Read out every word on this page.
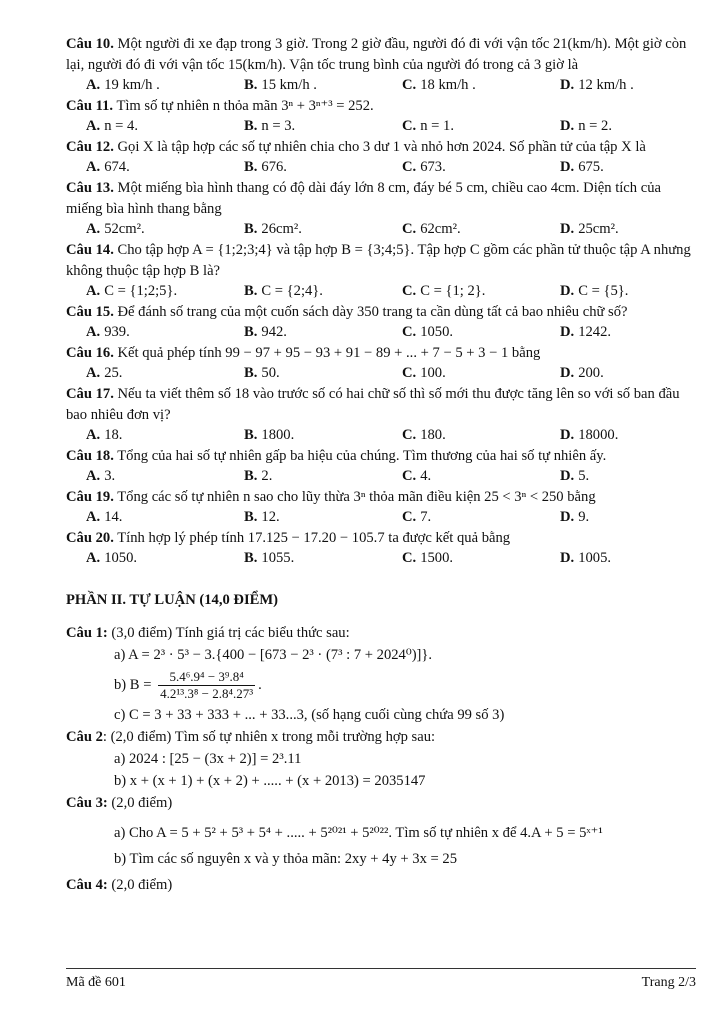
Câu 10. Một người đi xe đạp trong 3 giờ. Trong 2 giờ đầu, người đó đi với vận tốc 21(km/h). Một giờ còn lại, người đó đi với vận tốc 15(km/h). Vận tốc trung bình của người đó trong cả 3 giờ là

A. 19 km/h .	B. 15 km/h .	C. 18 km/h .	D. 12 km/h .

Câu 11. Tìm số tự nhiên n thỏa mãn 3ⁿ + 3ⁿ⁺³ = 252.

A. n = 4.	B. n = 3.	C. n = 1.	D. n = 2.

Câu 12. Gọi X là tập hợp các số tự nhiên chia cho 3 dư 1 và nhỏ hơn 2024. Số phần tử của tập X là

A. 674.	B. 676.	C. 673.	D. 675.

Câu 13. Một miếng bìa hình thang có độ dài đáy lớn 8 cm, đáy bé 5 cm, chiều cao 4cm. Diện tích của miếng bìa hình thang bằng

A. 52cm².	B. 26cm².	C. 62cm².	D. 25cm².

Câu 14. Cho tập hợp A = {1;2;3;4} và tập hợp B = {3;4;5}. Tập hợp C gồm các phần tử thuộc tập A nhưng không thuộc tập hợp B là?

A. C = {1;2;5}.	B. C = {2;4}.	C. C = {1; 2}.	D. C = {5}.

Câu 15. Để đánh số trang của một cuốn sách dày 350 trang ta cần dùng tất cả bao nhiêu chữ số?

A. 939.	B. 942.	C. 1050.	D. 1242.

Câu 16. Kết quả phép tính 99 − 97 + 95 − 93 + 91 − 89 + ... + 7 − 5 + 3 − 1 bằng

A. 25.	B. 50.	C. 100.	D. 200.

Câu 17. Nếu ta viết thêm số 18 vào trước số có hai chữ số thì số mới thu được tăng lên so với số ban đầu bao nhiêu đơn vị?

A. 18.	B. 1800.	C. 180.	D. 18000.

Câu 18. Tổng của hai số tự nhiên gấp ba hiệu của chúng. Tìm thương của hai số tự nhiên ấy.

A. 3.	B. 2.	C. 4.	D. 5.

Câu 19. Tổng các số tự nhiên n sao cho lũy thừa 3ⁿ thỏa mãn điều kiện 25 < 3ⁿ < 250 bằng

A. 14.	B. 12.	C. 7.	D. 9.

Câu 20. Tính hợp lý phép tính 17.125 − 17.20 − 105.7 ta được kết quả bằng

A. 1050.	B. 1055.	C. 1500.	D. 1005.
PHẦN II. TỰ LUẬN (14,0 ĐIỂM)

Câu 1: (3,0 điểm) Tính giá trị các biểu thức sau:

a) A = 2³ · 5³ − 3.{400 − [673 − 2³ · (7³ : 7 + 2024⁰)]}.

b) $B = \frac{\text{5.4⁶.9⁴ − 3⁹.8⁴}}{\text{4.2¹³.3⁸ − 2.8⁴.27³}}$ .

c) C = 3 + 33 + 333 + ... + 33...3, (số hạng cuối cùng chứa 99 số 3)

Câu 2: (2,0 điểm) Tìm số tự nhiên x trong mỗi trường hợp sau:

a) 2024 : [25 − (3x + 2)] = 2³.11

b) x + (x + 1) + (x + 2) + ..... + (x + 2013) = 2035147

Câu 3: (2,0 điểm)

a) Cho A = 5 + 5² + 5³ + 5⁴ + ..... + 5²⁰²¹ + 5²⁰²². Tìm số tự nhiên x để 4.A + 5 = 5ˣ⁺¹

b) Tìm các số nguyên x và y thỏa mãn: 2xy + 4y + 3x = 25

Câu 4: (2,0 điểm)

Mã đề 601	Trang 2/3
